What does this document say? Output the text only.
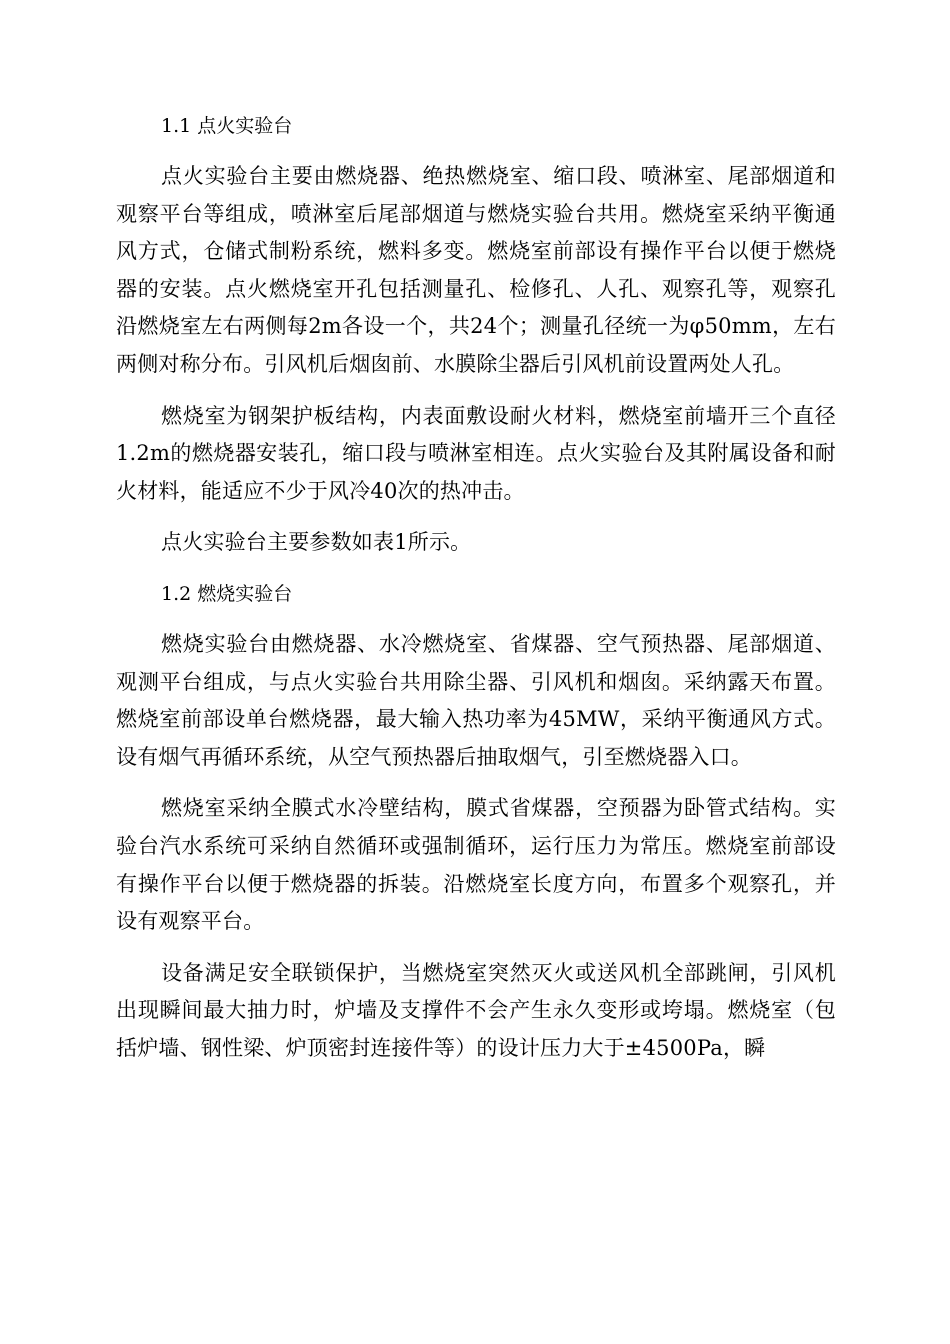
1.1 点火实验台

点火实验台主要由燃烧器、绝热燃烧室、缩口段、喷淋室、尾部烟道和观察平台等组成，喷淋室后尾部烟道与燃烧实验台共用。燃烧室采纳平衡通风方式，仓储式制粉系统，燃料多变。燃烧室前部设有操作平台以便于燃烧器的安装。点火燃烧室开孔包括测量孔、检修孔、人孔、观察孔等，观察孔沿燃烧室左右两侧每2m各设一个，共24个；测量孔径统一为φ50mm，左右两侧对称分布。引风机后烟囱前、水膜除尘器后引风机前设置两处人孔。

燃烧室为钢架护板结构，内表面敷设耐火材料，燃烧室前墙开三个直径1.2m的燃烧器安装孔，缩口段与喷淋室相连。点火实验台及其附属设备和耐火材料，能适应不少于风冷40次的热冲击。

点火实验台主要参数如表1所示。

1.2 燃烧实验台

燃烧实验台由燃烧器、水冷燃烧室、省煤器、空气预热器、尾部烟道、观测平台组成，与点火实验台共用除尘器、引风机和烟囱。采纳露天布置。燃烧室前部设单台燃烧器，最大输入热功率为45MW，采纳平衡通风方式。设有烟气再循环系统，从空气预热器后抽取烟气，引至燃烧器入口。

燃烧室采纳全膜式水冷壁结构，膜式省煤器，空预器为卧管式结构。实验台汽水系统可采纳自然循环或强制循环，运行压力为常压。燃烧室前部设有操作平台以便于燃烧器的拆装。沿燃烧室长度方向，布置多个观察孔，并设有观察平台。

设备满足安全联锁保护，当燃烧室突然灭火或送风机全部跳闸，引风机出现瞬间最大抽力时，炉墙及支撑件不会产生永久变形或垮塌。燃烧室（包括炉墙、钢性梁、炉顶密封连接件等）的设计压力大于±4500Pa，瞬
